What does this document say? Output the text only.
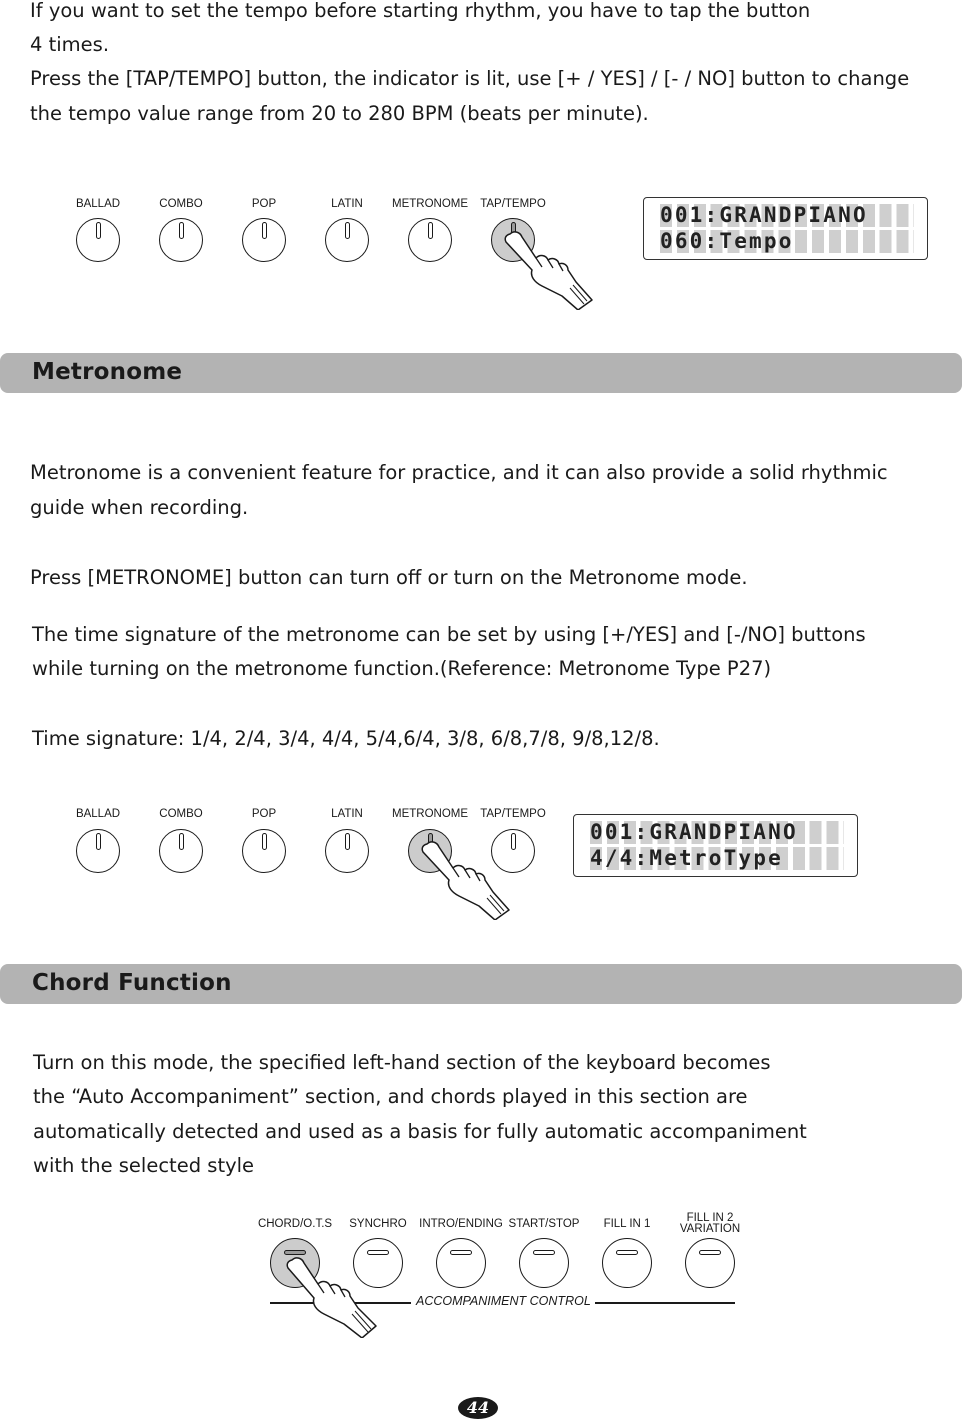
If you want to set the tempo before starting rhythm, you have to tap the button

4 times.

Press the [TAP/TEMPO] button, the indicator is lit, use [+ / YES] / [- / NO] button to change

the tempo value range from 20 to 280 BPM (beats per minute).

BALLAD	COMBO	POP	LATIN	METRONOME	TAP/TEMPO	001:GRANDPIANO
060:Tempo
Metronome

Metronome is a convenient feature for practice, and it can also provide a solid rhythmic

guide when recording.

Press [METRONOME] button can turn off or turn on the Metronome mode.

The time signature of the metronome can be set by using [+/YES] and [-/NO] buttons

while turning on the metronome function.(Reference: Metronome Type P27)

Time signature: 1/4, 2/4, 3/4, 4/4, 5/4,6/4, 3/8, 6/8,7/8, 9/8,12/8.

BALLAD	COMBO	POP	LATIN	METRONOME	TAP/TEMPO
001:GRANDPIANO
4/4:MetroType
Chord Function

Turn on this mode, the specified left-hand section of the keyboard becomes

the “Auto Accompaniment” section, and chords played in this section are

automatically detected and used as a basis for fully automatic accompaniment

with the selected style

CHORD/O.T.S	SYNCHRO	INTRO/ENDING START/STOP	FILL IN 1	FILL IN 2
VARIATION
ACCOMPANIMENT CONTROL
44
